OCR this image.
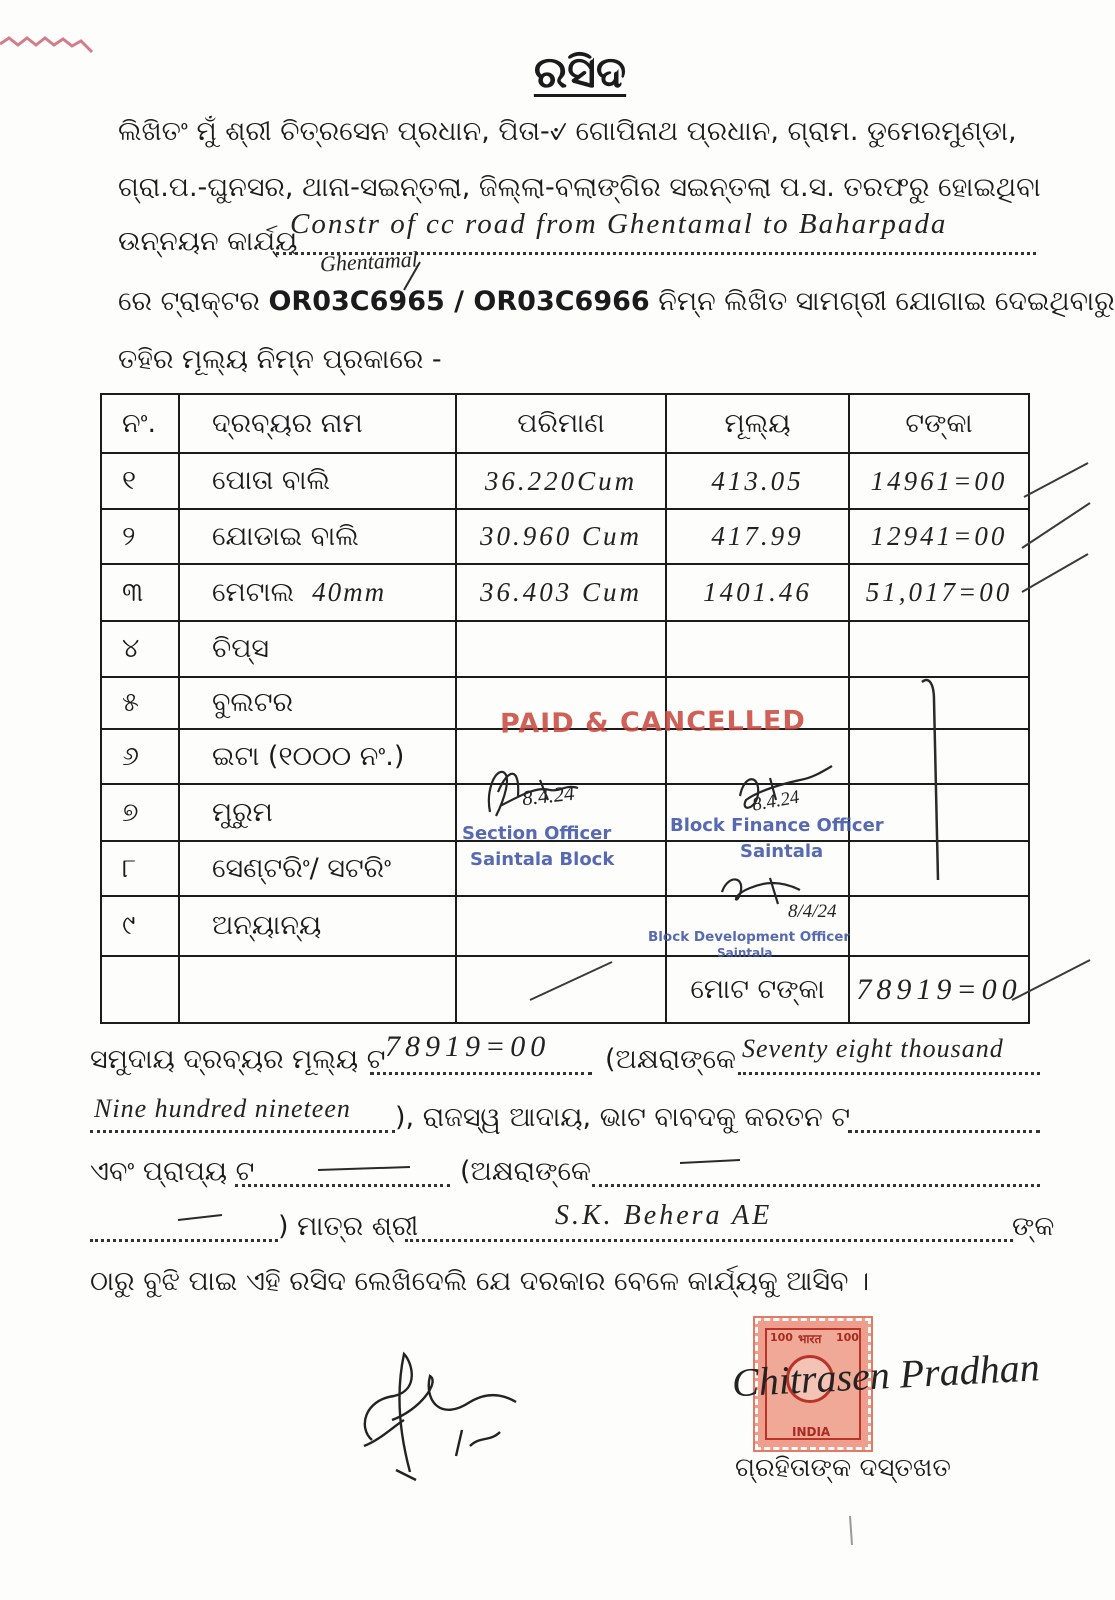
ରସିଦ
ଲିଖିତଂ ମୁଁ ଶ୍ରୀ ଚିତ୍ରସେନ ପ୍ରଧାନ, ପିତା-୰ ଗୋପିନାଥ ପ୍ରଧାନ, ଗ୍ରାମ. ଡୁମେରମୁଣ୍ଡା,
ଗ୍ରା.ପ.-ଘୁନସର, ଥାନା-ସଇନ୍ତଲା, ଜିଲ୍ଲା-ବଲାଙ୍ଗିର ସଇନ୍ତଲା ପ.ସ. ତରଫରୁ ହୋଇଥିବା
ଉନ୍ନୟନ କାର୍ଯ୍ୟ
Constr of cc road from Ghentamal to Baharpada
Ghentamal
ରେ ଟ୍ରାକ୍ଟର OR03C6965 / OR03C6966 ନିମ୍ନ ଲିଖିତ ସାମଗ୍ରୀ ଯୋଗାଇ ଦେଇଥିବାରୁ
ତହିର ମୂଲ୍ୟ ନିମ୍ନ ପ୍ରକାରେ -
ନଂ.	ଦ୍ରବ୍ୟର ନାମ	ପରିମାଣ	ମୂଲ୍ୟ	ଟଙ୍କା
୧	ପୋତା ବାଲି	36.220Cum	413.05	14961=00
୨	ଯୋଡାଇ ବାଲି	30.960 Cum	417.99	12941=00
୩	ମେଟାଲ 40mm	36.403 Cum	1401.46	51,017=00
୪	ଚିପ୍ସ			
୫	ବୁଲଟର			
୬	ଇଟା (୧୦୦୦ ନଂ.)			
୭	ମୁରୁମ			
୮	ସେଣ୍ଟରିଂ/ ସଟରିଂ			
୯	ଅନ୍ୟାନ୍ୟ			
			ମୋଟ ଟଙ୍କା	78919=00
PAID & CANCELLED
Section Officer
Saintala Block
8.4.24
Block Finance Officer
Saintala
8.4.24
Block Development Officer
Saintala
8/4/24
ସମୁଦାୟ ଦ୍ରବ୍ୟର ମୂଲ୍ୟ ଟ 78919=00	(ଅକ୍ଷରାଙ୍କେ Seventy eight thousand
Nine hundred nineteen	), ରାଜସ୍ୱ ଆଦାୟ, ଭାଟ ବାବଦକୁ କରତନ ଟ
ଏବଂ ପ୍ରାପ୍ୟ ଟ	(ଅକ୍ଷରାଙ୍କେ
) ମାତ୍ର ଶ୍ରୀ	S.K. Behera AE	ଙ୍କ
ଠାରୁ ବୁଝି ପାଇ ଏହି ରସିଦ ଲେଖିଦେଲି ଯେ ଦରକାର ବେଳେ କାର୍ଯ୍ୟକୁ ଆସିବ ।
100 भारत 100
INDIA
Chitrasen Pradhan
ଗ୍ରହିତାଙ୍କ ଦସ୍ତଖତ
